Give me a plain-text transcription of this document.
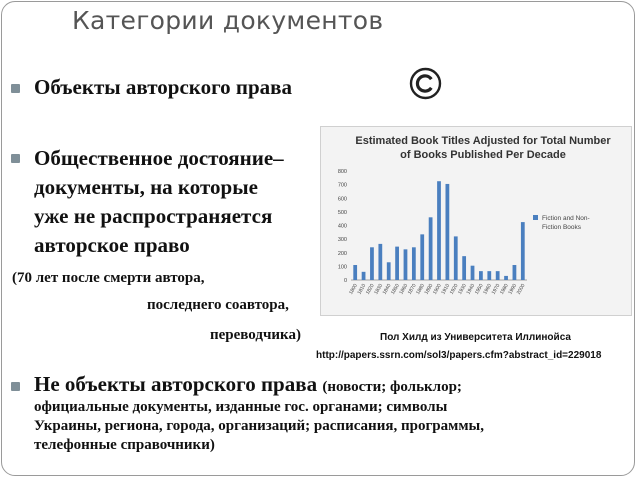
Категории документов
Объекты авторского права
Общественное достояние–
документы, на которые
уже не распространяется
авторское право
(70 лет после смерти автора,
последнего соавтора,
переводчика)	Пол Хилд из Университета Иллинойса
http://papers.ssrn.com/sol3/papers.cfm?abstract_id=229018
Estimated Book Titles Adjusted for Total Number
of Books Published Per Decade
1800
1810
1820
1830
1840
1850
1860
1870
1880
1890
1900
1910
1920
1930
1940
1950
1960
1970
1980
1990
2000
0
100
200
300
400
500
600
700
800
Fiction and Non-
Fiction Books
Не объекты авторского права (новости; фольклор;
официальные документы, изданные гос. органами; символы
Украины, региона, города, организаций; расписания, программы,
телефонные справочники)
